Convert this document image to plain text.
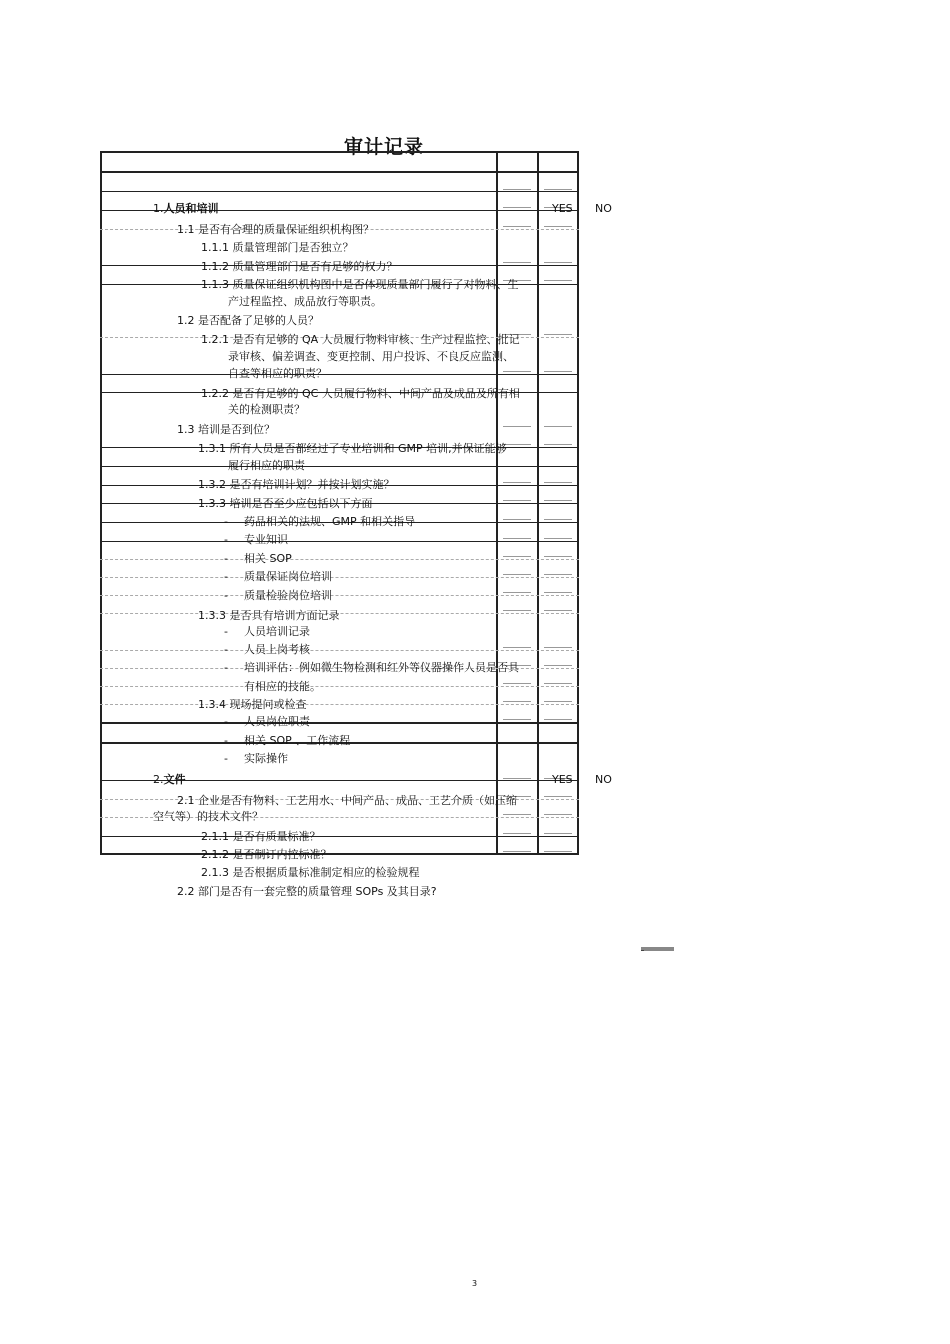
审计记录
1.人员和培训	YES NO
1.1 是否有合理的质量保证组织机构图？
1.1.1 质量管理部门是否独立？
1.1.2 质量管理部门是否有足够的权力？
1.1.3 质量保证组织机构图中是否体现质量部门履行了对物料、生
产过程监控、成品放行等职责。
1.2 是否配备了足够的人员？
1.2.1 是否有足够的 QA 人员履行物料审核、生产过程监控、批记
录审核、偏差调查、变更控制、用户投诉、不良反应监测、
自查等相应的职责？
1.2.2 是否有足够的 QC 人员履行物料、中间产品及成品及所有相
关的检测职责？
1.3 培训是否到位？
1.3.1 所有人员是否都经过了专业培训和 GMP 培训,并保证能够
履行相应的职责
1.3.2 是否有培训计划？并按计划实施？
1.3.3 培训是否至少应包括以下方面
- 药品相关的法规、GMP 和相关指导
- 专业知识
- 相关 SOP
- 质量保证岗位培训
- 质量检验岗位培训
1.3.3 是否具有培训方面记录
- 人员培训记录
- 人员上岗考核
- 培训评估：例如微生物检测和红外等仪器操作人员是否具
有相应的技能。
1.3.4 现场提问或检查
- 人员岗位职责
- 相关 SOP 、工作流程
- 实际操作
2.文件	YES NO
2.1 企业是否有物料、工艺用水、中间产品、成品、工艺介质（如压缩
空气等）的技术文件？
2.1.1 是否有质量标准？
2.1.2 是否制订内控标准？
2.1.3 是否根据质量标准制定相应的检验规程
2.2 部门是否有一套完整的质量管理 SOPs 及其目录?
3
